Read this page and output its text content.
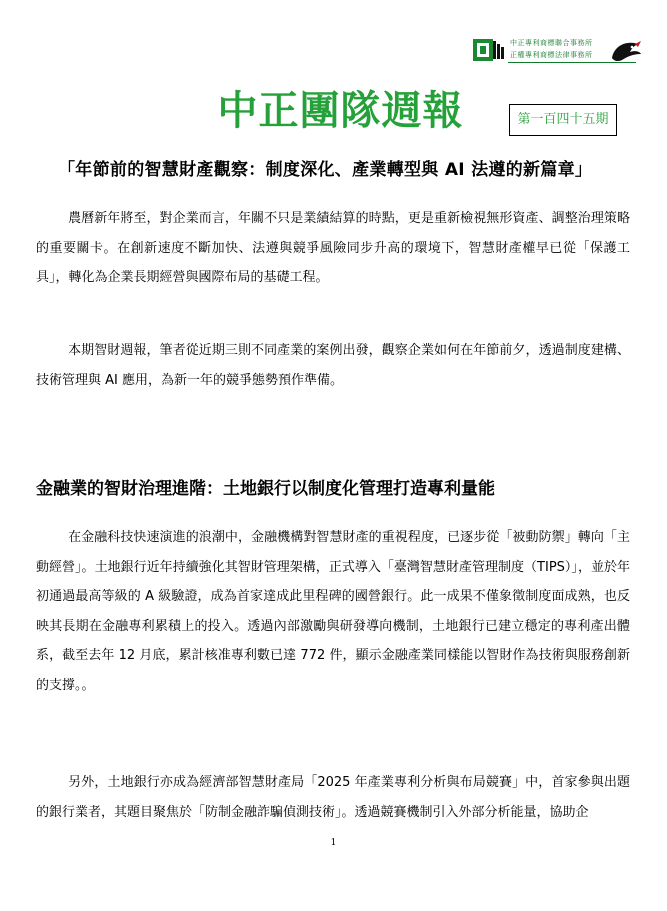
中正專利商標聯合事務所
正權專利商標法律事務所
中正團隊週報	第一百四十五期
「年節前的智慧財產觀察：制度深化、產業轉型與 AI 法遵的新篇章」
農曆新年將至，對企業而言，年關不只是業績結算的時點，更是重新檢視無形資產、調整治理策略的重要關卡。在創新速度不斷加快、法遵與競爭風險同步升高的環境下，智慧財產權早已從「保護工具」，轉化為企業長期經營與國際布局的基礎工程。
本期智財週報，筆者從近期三則不同產業的案例出發，觀察企業如何在年節前夕，透過制度建構、技術管理與 AI 應用，為新一年的競爭態勢預作準備。
金融業的智財治理進階：土地銀行以制度化管理打造專利量能
在金融科技快速演進的浪潮中，金融機構對智慧財產的重視程度，已逐步從「被動防禦」轉向「主動經營」。土地銀行近年持續強化其智財管理架構，正式導入「臺灣智慧財產管理制度（TIPS）」，並於年初通過最高等級的 A 級驗證，成為首家達成此里程碑的國營銀行。此一成果不僅象徵制度面成熟，也反映其長期在金融專利累積上的投入。透過內部激勵與研發導向機制，土地銀行已建立穩定的專利產出體系，截至去年 12 月底，累計核准專利數已達 772 件，顯示金融產業同樣能以智財作為技術與服務創新的支撐。。
另外，土地銀行亦成為經濟部智慧財產局「2025 年產業專利分析與布局競賽」中，首家參與出題的銀行業者，其題目聚焦於「防制金融詐騙偵測技術」。透過競賽機制引入外部分析能量，協助企
1
